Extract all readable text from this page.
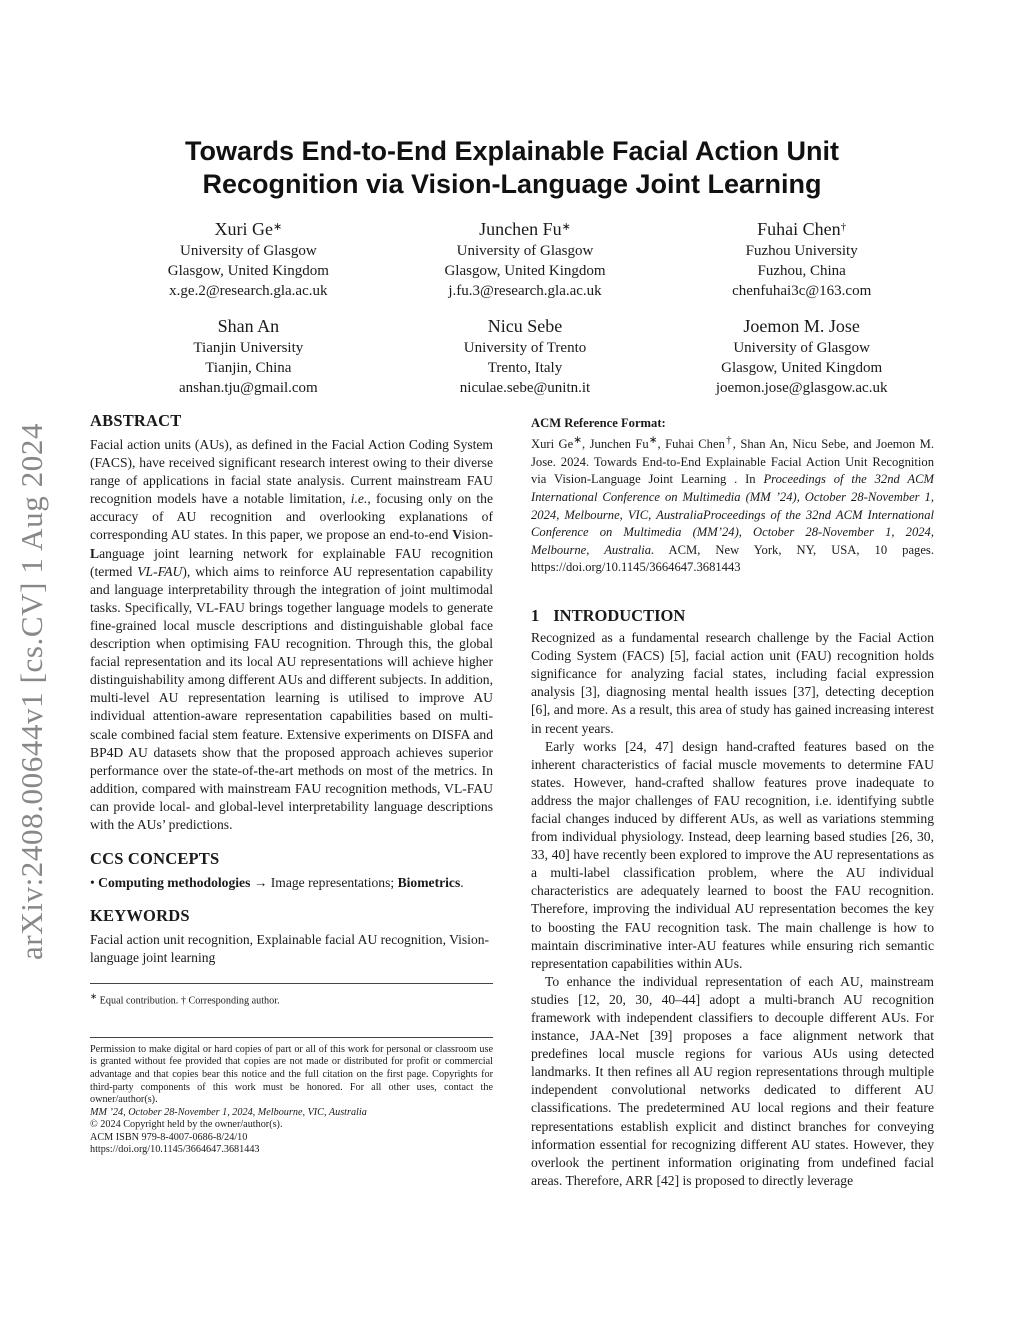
arXiv:2408.00644v1 [cs.CV] 1 Aug 2024
Towards End-to-End Explainable Facial Action Unit
Recognition via Vision-Language Joint Learning
Xuri Ge∗
University of Glasgow
Glasgow, United Kingdom
x.ge.2@research.gla.ac.uk
Junchen Fu∗
University of Glasgow
Glasgow, United Kingdom
j.fu.3@research.gla.ac.uk
Fuhai Chen†
Fuzhou University
Fuzhou, China
chenfuhai3c@163.com
Shan An
Tianjin University
Tianjin, China
anshan.tju@gmail.com
Nicu Sebe
University of Trento
Trento, Italy
niculae.sebe@unitn.it
Joemon M. Jose
University of Glasgow
Glasgow, United Kingdom
joemon.jose@glasgow.ac.uk
ABSTRACT

Facial action units (AUs), as defined in the Facial Action Coding System (FACS), have received significant research interest owing to their diverse range of applications in facial state analysis. Current mainstream FAU recognition models have a notable limitation, i.e., focusing only on the accuracy of AU recognition and overlooking explanations of corresponding AU states. In this paper, we propose an end-to-end Vision-Language joint learning network for explainable FAU recognition (termed VL-FAU), which aims to reinforce AU representation capability and language interpretability through the integration of joint multimodal tasks. Specifically, VL-FAU brings together language models to generate fine-grained local muscle descriptions and distinguishable global face description when optimising FAU recognition. Through this, the global facial representation and its local AU representations will achieve higher distinguishability among different AUs and different subjects. In addition, multi-level AU representation learning is utilised to improve AU individual attention-aware representation capabilities based on multi-scale combined facial stem feature. Extensive experiments on DISFA and BP4D AU datasets show that the proposed approach achieves superior performance over the state-of-the-art methods on most of the metrics. In addition, compared with mainstream FAU recognition methods, VL-FAU can provide local- and global-level interpretability language descriptions with the AUs’ predictions.

CCS CONCEPTS

• Computing methodologies → Image representations; Biometrics.

KEYWORDS

Facial action unit recognition, Explainable facial AU recognition, Vision-language joint learning

∗ Equal contribution. † Corresponding author.

Permission to make digital or hard copies of part or all of this work for personal or classroom use is granted without fee provided that copies are not made or distributed for profit or commercial advantage and that copies bear this notice and the full citation on the first page. Copyrights for third-party components of this work must be honored. For all other uses, contact the owner/author(s).

MM ’24, October 28-November 1, 2024, Melbourne, VIC, Australia
© 2024 Copyright held by the owner/author(s).
ACM ISBN 979-8-4007-0686-8/24/10
https://doi.org/10.1145/3664647.3681443
ACM Reference Format:

Xuri Ge∗, Junchen Fu∗, Fuhai Chen†, Shan An, Nicu Sebe, and Joemon M. Jose. 2024. Towards End-to-End Explainable Facial Action Unit Recognition via Vision-Language Joint Learning . In Proceedings of the 32nd ACM International Conference on Multimedia (MM ’24), October 28-November 1, 2024, Melbourne, VIC, AustraliaProceedings of the 32nd ACM International Conference on Multimedia (MM’24), October 28-November 1, 2024, Melbourne, Australia. ACM, New York, NY, USA, 10 pages. https://doi.org/10.1145/3664647.3681443

1 INTRODUCTION

Recognized as a fundamental research challenge by the Facial Action Coding System (FACS) [5], facial action unit (FAU) recognition holds significance for analyzing facial states, including facial expression analysis [3], diagnosing mental health issues [37], detecting deception [6], and more. As a result, this area of study has gained increasing interest in recent years.

Early works [24, 47] design hand-crafted features based on the inherent characteristics of facial muscle movements to determine FAU states. However, hand-crafted shallow features prove inadequate to address the major challenges of FAU recognition, i.e. identifying subtle facial changes induced by different AUs, as well as variations stemming from individual physiology. Instead, deep learning based studies [26, 30, 33, 40] have recently been explored to improve the AU representations as a multi-label classification problem, where the AU individual characteristics are adequately learned to boost the FAU recognition. Therefore, improving the individual AU representation becomes the key to boosting the FAU recognition task. The main challenge is how to maintain discriminative inter-AU features while ensuring rich semantic representation capabilities within AUs.

To enhance the individual representation of each AU, mainstream studies [12, 20, 30, 40–44] adopt a multi-branch AU recognition framework with independent classifiers to decouple different AUs. For instance, JAA-Net [39] proposes a face alignment network that predefines local muscle regions for various AUs using detected landmarks. It then refines all AU region representations through multiple independent convolutional networks dedicated to different AU classifications. The predetermined AU local regions and their feature representations establish explicit and distinct branches for conveying information essential for recognizing different AU states. However, they overlook the pertinent information originating from undefined facial areas. Therefore, ARR [42] is proposed to directly leverage
